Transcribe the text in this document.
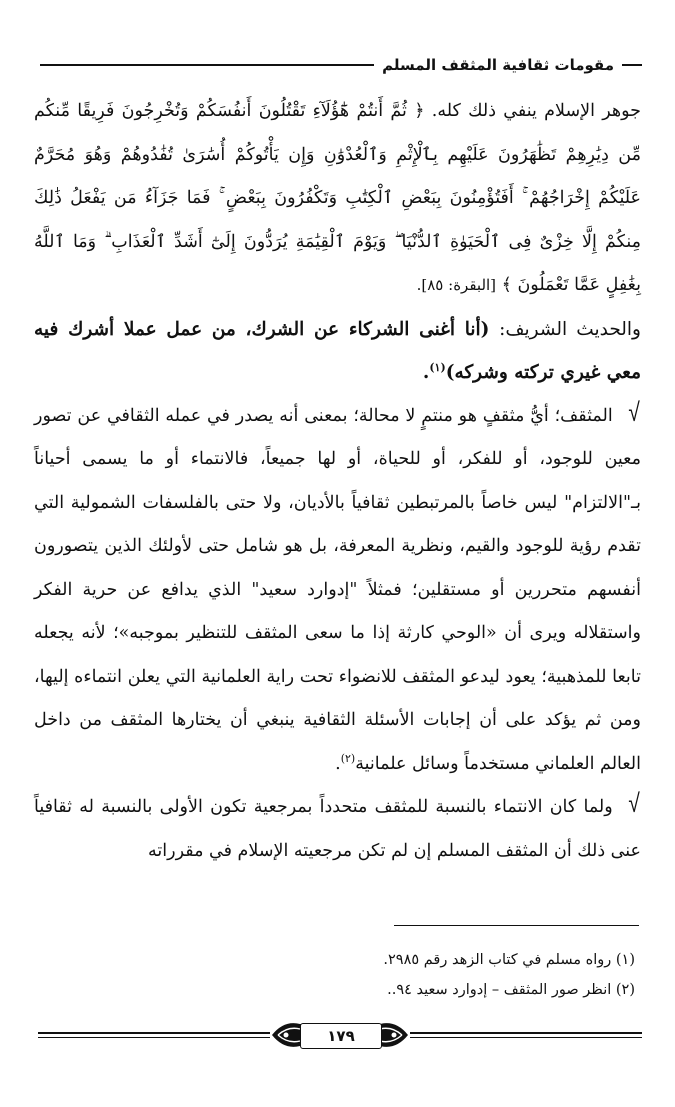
مقومات ثقافية المثقف المسلم

جوهر الإسلام ينفي ذلك كله. ﴿ ثُمَّ أَنتُمْ هَٰٓؤُلَآءِ تَقْتُلُونَ أَنفُسَكُمْ وَتُخْرِجُونَ فَرِيقًا مِّنكُم مِّن دِيَٰرِهِمْ تَظَٰهَرُونَ عَلَيْهِم بِٱلْإِثْمِ وَٱلْعُدْوَٰنِ وَإِن يَأْتُوكُمْ أُسَٰرَىٰ تُفَٰدُوهُمْ وَهُوَ مُحَرَّمٌ عَلَيْكُمْ إِخْرَاجُهُمْ ۚ أَفَتُؤْمِنُونَ بِبَعْضِ ٱلْكِتَٰبِ وَتَكْفُرُونَ بِبَعْضٍ ۚ فَمَا جَزَآءُ مَن يَفْعَلُ ذَٰلِكَ مِنكُمْ إِلَّا خِزْىٌ فِى ٱلْحَيَوٰةِ ٱلدُّنْيَا ۖ وَيَوْمَ ٱلْقِيَٰمَةِ يُرَدُّونَ إِلَىٰٓ أَشَدِّ ٱلْعَذَابِ ۗ وَمَا ٱللَّهُ بِغَٰفِلٍ عَمَّا تَعْمَلُونَ ﴾ [البقرة: ٨٥].

والحديث الشريف: (أنا أغنى الشركاء عن الشرك، من عمل عملا أشرك فيه معي غيري تركته وشركه)$^{(١)}$.

√المثقف؛ أيُّ مثقفٍ هو منتمٍ لا محالة؛ بمعنى أنه يصدر في عمله الثقافي عن تصور معين للوجود، أو للفكر، أو للحياة، أو لها جميعاً، فالانتماء أو ما يسمى أحياناً بـ"الالتزام" ليس خاصاً بالمرتبطين ثقافياً بالأديان، ولا حتى بالفلسفات الشمولية التي تقدم رؤية للوجود والقيم، ونظرية المعرفة، بل هو شامل حتى لأولئك الذين يتصورون أنفسهم متحررين أو مستقلين؛ فمثلاً "إدوارد سعيد" الذي يدافع عن حرية الفكر واستقلاله ويرى أن «الوحي كارثة إذا ما سعى المثقف للتنظير بموجبه»؛ لأنه يجعله تابعا للمذهبية؛ يعود ليدعو المثقف للانضواء تحت راية العلمانية التي يعلن انتماءه إليها، ومن ثم يؤكد على أن إجابات الأسئلة الثقافية ينبغي أن يختارها المثقف من داخل العالم العلماني مستخدماً وسائل علمانية$^{(٢)}$.

√ولما كان الانتماء بالنسبة للمثقف متحدداً بمرجعية تكون الأولى بالنسبة له ثقافياً عنى ذلك أن المثقف المسلم إن لم تكن مرجعيته الإسلام في مقرراته

(١) رواه مسلم في كتاب الزهد رقم ٢٩٨٥.

(٢) انظر صور المثقف – إدوارد سعيد ٩٤..

١٧٩
